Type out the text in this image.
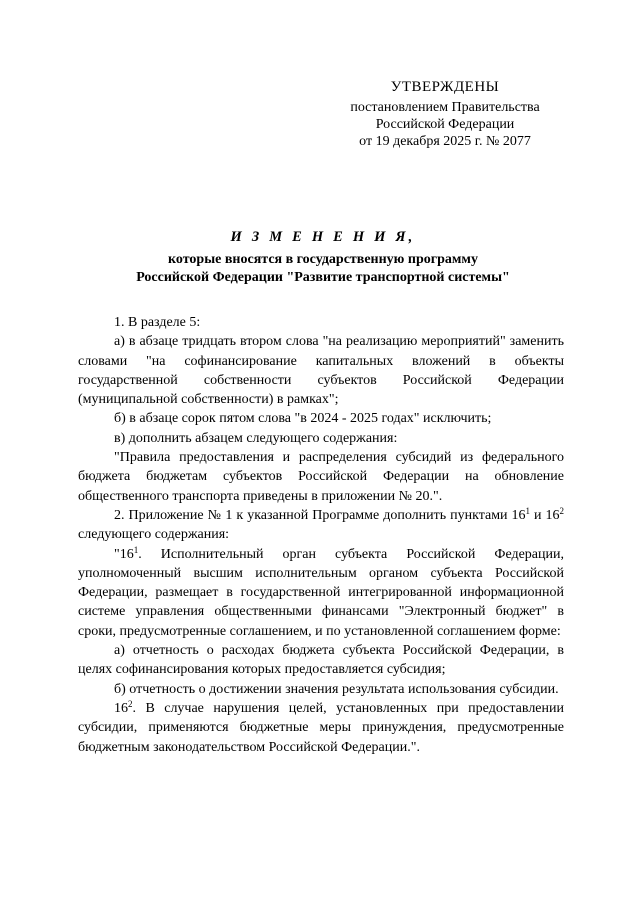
УТВЕРЖДЕНЫ
постановлением Правительства
Российской Федерации
от 19 декабря 2025 г. № 2077
И З М Е Н Е Н И Я,
которые вносятся в государственную программу
Российской Федерации "Развитие транспортной системы"

1. В разделе 5:

а) в абзаце тридцать втором слова "на реализацию мероприятий" заменить словами "на софинансирование капитальных вложений в объекты государственной собственности субъектов Российской Федерации (муниципальной собственности) в рамках";

б) в абзаце сорок пятом слова "в 2024 - 2025 годах" исключить;

в) дополнить абзацем следующего содержания:

"Правила предоставления и распределения субсидий из федерального бюджета бюджетам субъектов Российской Федерации на обновление общественного транспорта приведены в приложении № 20.".

2. Приложение № 1 к указанной Программе дополнить пунктами $16^1$ и $16^2$ следующего содержания:

"$16^1$. Исполнительный орган субъекта Российской Федерации, уполномоченный высшим исполнительным органом субъекта Российской Федерации, размещает в государственной интегрированной информационной системе управления общественными финансами "Электронный бюджет" в сроки, предусмотренные соглашением, и по установленной соглашением форме:

а) отчетность о расходах бюджета субъекта Российской Федерации, в целях софинансирования которых предоставляется субсидия;

б) отчетность о достижении значения результата использования субсидии.

$16^2$. В случае нарушения целей, установленных при предоставлении субсидии, применяются бюджетные меры принуждения, предусмотренные бюджетным законодательством Российской Федерации.".
